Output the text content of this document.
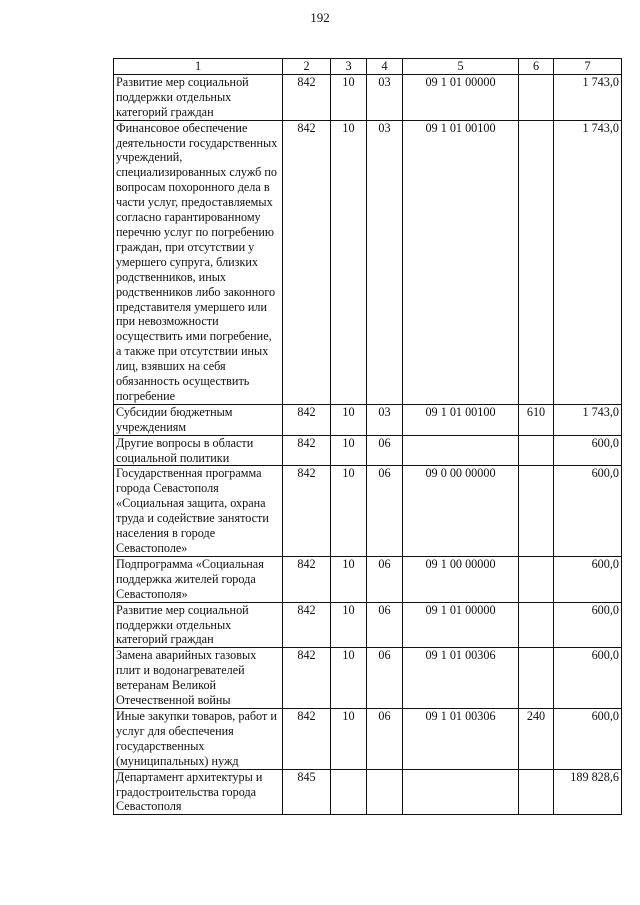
192
1	2	3	4	5	6	7
Развитие мер социальной поддержки отдельных категорий граждан	842	10	03	09 1 01 00000		1 743,0
Финансовое обеспечение деятельности государственных учреждений, специализированных служб по вопросам похоронного дела в части услуг, предоставляемых согласно гарантированному перечню услуг по погребению граждан, при отсутствии у умершего супруга, близких родственников, иных родственников либо законного представителя умершего или при невозможности осуществить ими погребение, а также при отсутствии иных лиц, взявших на себя обязанность осуществить погребение	842	10	03	09 1 01 00100		1 743,0
Субсидии бюджетным учреждениям	842	10	03	09 1 01 00100	610	1 743,0
Другие вопросы в области социальной политики	842	10	06			600,0
Государственная программа города Севастополя «Социальная защита, охрана труда и содействие занятости населения в городе Севастополе»	842	10	06	09 0 00 00000		600,0
Подпрограмма «Социальная поддержка жителей города Севастополя»	842	10	06	09 1 00 00000		600,0
Развитие мер социальной поддержки отдельных категорий граждан	842	10	06	09 1 01 00000		600,0
Замена аварийных газовых плит и водонагревателей ветеранам Великой Отечественной войны	842	10	06	09 1 01 00306		600,0
Иные закупки товаров, работ и услуг для обеспечения государственных (муниципальных) нужд	842	10	06	09 1 01 00306	240	600,0
Департамент архитектуры и градостроительства города Севастополя	845					189 828,6
